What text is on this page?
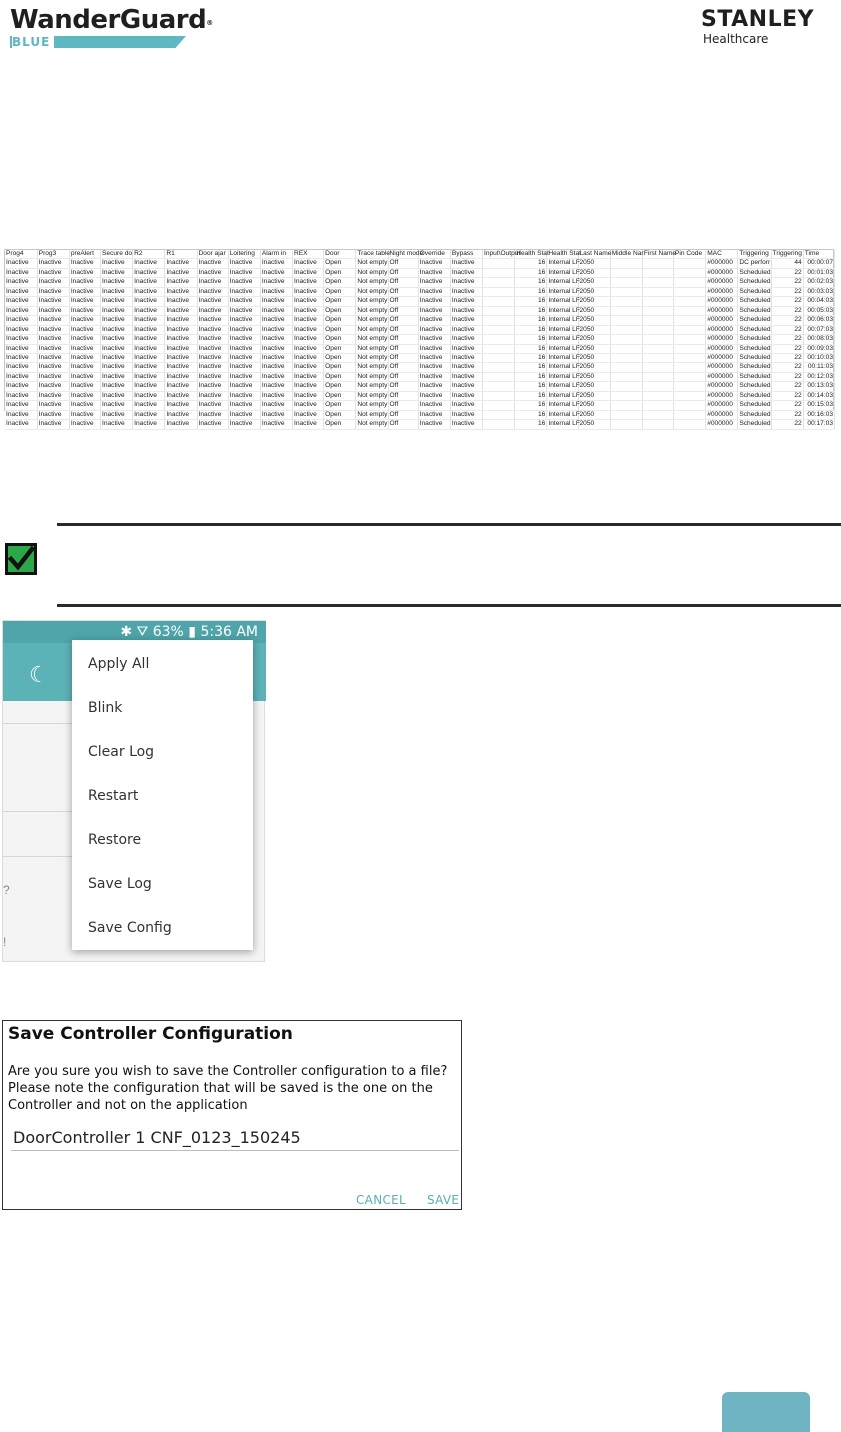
WanderGuard®
BLUE
STANLEY
Healthcare
Prog4	Prog3	preAlert	Secure do	R2	R1	Door ajar	Loitering	Alarm in	REX	Door	Trace table	Night mode	Override	Bypass	Input\Output	Health Stat	Health Stat	Last Name	Middle Nar	First Name	Pin Code	MAC	Triggering	Triggering	Time
Inactive	Inactive	Inactive	Inactive	Inactive	Inactive	Inactive	Inactive	Inactive	Inactive	Open	Not empty	Off	Inactive	Inactive		16	Internal LF	2050				#000000	DC perforr	44	00:00:07
Inactive	Inactive	Inactive	Inactive	Inactive	Inactive	Inactive	Inactive	Inactive	Inactive	Open	Not empty	Off	Inactive	Inactive		16	Internal LF	2050				#000000	Scheduled	22	00:01:03
Inactive	Inactive	Inactive	Inactive	Inactive	Inactive	Inactive	Inactive	Inactive	Inactive	Open	Not empty	Off	Inactive	Inactive		16	Internal LF	2050				#000000	Scheduled	22	00:02:03
Inactive	Inactive	Inactive	Inactive	Inactive	Inactive	Inactive	Inactive	Inactive	Inactive	Open	Not empty	Off	Inactive	Inactive		16	Internal LF	2050				#000000	Scheduled	22	00:03:03
Inactive	Inactive	Inactive	Inactive	Inactive	Inactive	Inactive	Inactive	Inactive	Inactive	Open	Not empty	Off	Inactive	Inactive		16	Internal LF	2050				#000000	Scheduled	22	00:04:03
Inactive	Inactive	Inactive	Inactive	Inactive	Inactive	Inactive	Inactive	Inactive	Inactive	Open	Not empty	Off	Inactive	Inactive		16	Internal LF	2050				#000000	Scheduled	22	00:05:03
Inactive	Inactive	Inactive	Inactive	Inactive	Inactive	Inactive	Inactive	Inactive	Inactive	Open	Not empty	Off	Inactive	Inactive		16	Internal LF	2050				#000000	Scheduled	22	00:06:03
Inactive	Inactive	Inactive	Inactive	Inactive	Inactive	Inactive	Inactive	Inactive	Inactive	Open	Not empty	Off	Inactive	Inactive		16	Internal LF	2050				#000000	Scheduled	22	00:07:03
Inactive	Inactive	Inactive	Inactive	Inactive	Inactive	Inactive	Inactive	Inactive	Inactive	Open	Not empty	Off	Inactive	Inactive		16	Internal LF	2050				#000000	Scheduled	22	00:08:03
Inactive	Inactive	Inactive	Inactive	Inactive	Inactive	Inactive	Inactive	Inactive	Inactive	Open	Not empty	Off	Inactive	Inactive		16	Internal LF	2050				#000000	Scheduled	22	00:09:03
Inactive	Inactive	Inactive	Inactive	Inactive	Inactive	Inactive	Inactive	Inactive	Inactive	Open	Not empty	Off	Inactive	Inactive		16	Internal LF	2050				#000000	Scheduled	22	00:10:03
Inactive	Inactive	Inactive	Inactive	Inactive	Inactive	Inactive	Inactive	Inactive	Inactive	Open	Not empty	Off	Inactive	Inactive		16	Internal LF	2050				#000000	Scheduled	22	00:11:03
Inactive	Inactive	Inactive	Inactive	Inactive	Inactive	Inactive	Inactive	Inactive	Inactive	Open	Not empty	Off	Inactive	Inactive		16	Internal LF	2050				#000000	Scheduled	22	00:12:03
Inactive	Inactive	Inactive	Inactive	Inactive	Inactive	Inactive	Inactive	Inactive	Inactive	Open	Not empty	Off	Inactive	Inactive		16	Internal LF	2050				#000000	Scheduled	22	00:13:03
Inactive	Inactive	Inactive	Inactive	Inactive	Inactive	Inactive	Inactive	Inactive	Inactive	Open	Not empty	Off	Inactive	Inactive		16	Internal LF	2050				#000000	Scheduled	22	00:14:03
Inactive	Inactive	Inactive	Inactive	Inactive	Inactive	Inactive	Inactive	Inactive	Inactive	Open	Not empty	Off	Inactive	Inactive		16	Internal LF	2050				#000000	Scheduled	22	00:15:03
Inactive	Inactive	Inactive	Inactive	Inactive	Inactive	Inactive	Inactive	Inactive	Inactive	Open	Not empty	Off	Inactive	Inactive		16	Internal LF	2050				#000000	Scheduled	22	00:16:03
Inactive	Inactive	Inactive	Inactive	Inactive	Inactive	Inactive	Inactive	Inactive	Inactive	Open	Not empty	Off	Inactive	Inactive		16	Internal LF	2050				#000000	Scheduled	22	00:17:03
✱ ⛛ 63% ▮ 5:36 AM
☾
?
!
Apply All
Blink
Clear Log
Restart
Restore
Save Log
Save Config
Save Controller Configuration
Are you sure you wish to save the Controller configuration to a file?
Please note the configuration that will be saved is the one on the
Controller and not on the application
DoorController 1 CNF_0123_150245
CANCEL SAVE
